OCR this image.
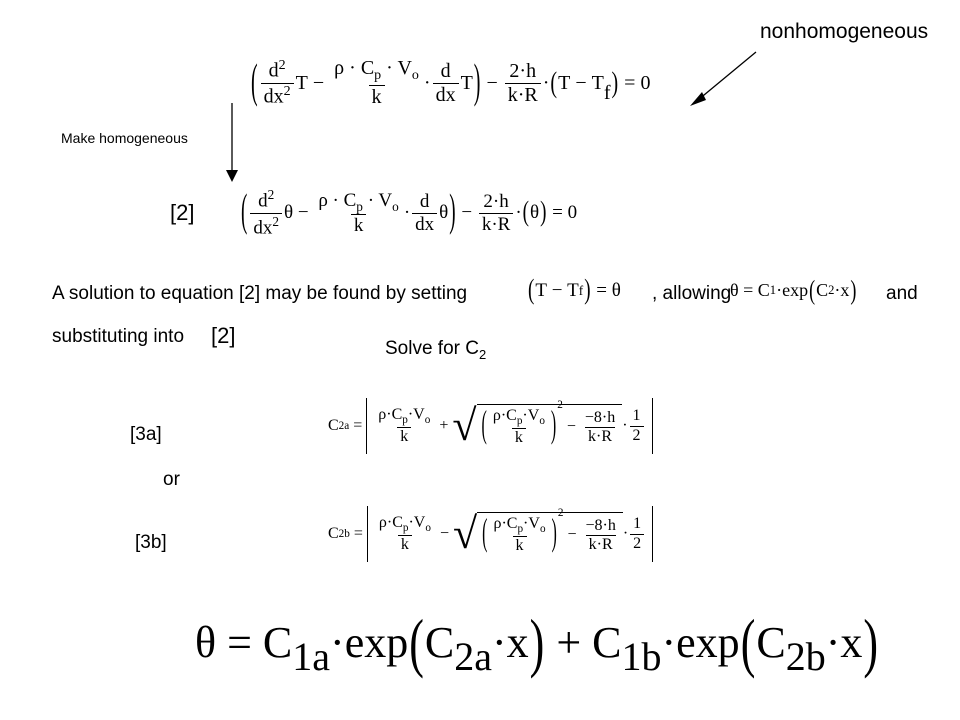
nonhomogeneous
Make homogeneous
( $\frac{d^2}{dx^2}$ T
−
$\frac{\rho \cdot C_p \cdot V_o}{k} \cdot \frac{d}{dx}$ T )
−
$\frac{2\cdot h}{k\cdot R}$ · ( T
−
$T_f$ )
=
0
[2] ( $\frac{d^2}{dx^2}$ θ
−
$\frac{\rho \cdot C_p \cdot V_o}{k} \cdot \frac{d}{dx}$ θ )
−
$\frac{2\cdot h}{k\cdot R}$ · ( θ )
=
0
A solution to equation [2] may be found by setting	( T
−
T f )
=
θ , allowing
θ
=
C 1 · exp ( C 2 · x ) and
substituting into [2]
Solve for $C_2$
[3a]	C 2a
=
$\frac{\rho\cdot C_p\cdot V_o}{k}$
+
√ ( $\frac{\rho\cdot C_p\cdot V_o}{k}$ )
$^2$

−
$\frac{-8\cdot h}{k\cdot R} \cdot \frac{1}{2}$
or
[3b]	C 2b
=
$\frac{\rho\cdot C_p\cdot V_o}{k}$
−
√ ( $\frac{\rho\cdot C_p\cdot V_o}{k}$ )
$^2$

−
$\frac{-8\cdot h}{k\cdot R} \cdot \frac{1}{2}$
θ
=
$C_{1a} \cdot \exp$ ( $C_{2a} \cdot x$ )
+
$C_{1b} \cdot \exp$ ( $C_{2b} \cdot x$ )
